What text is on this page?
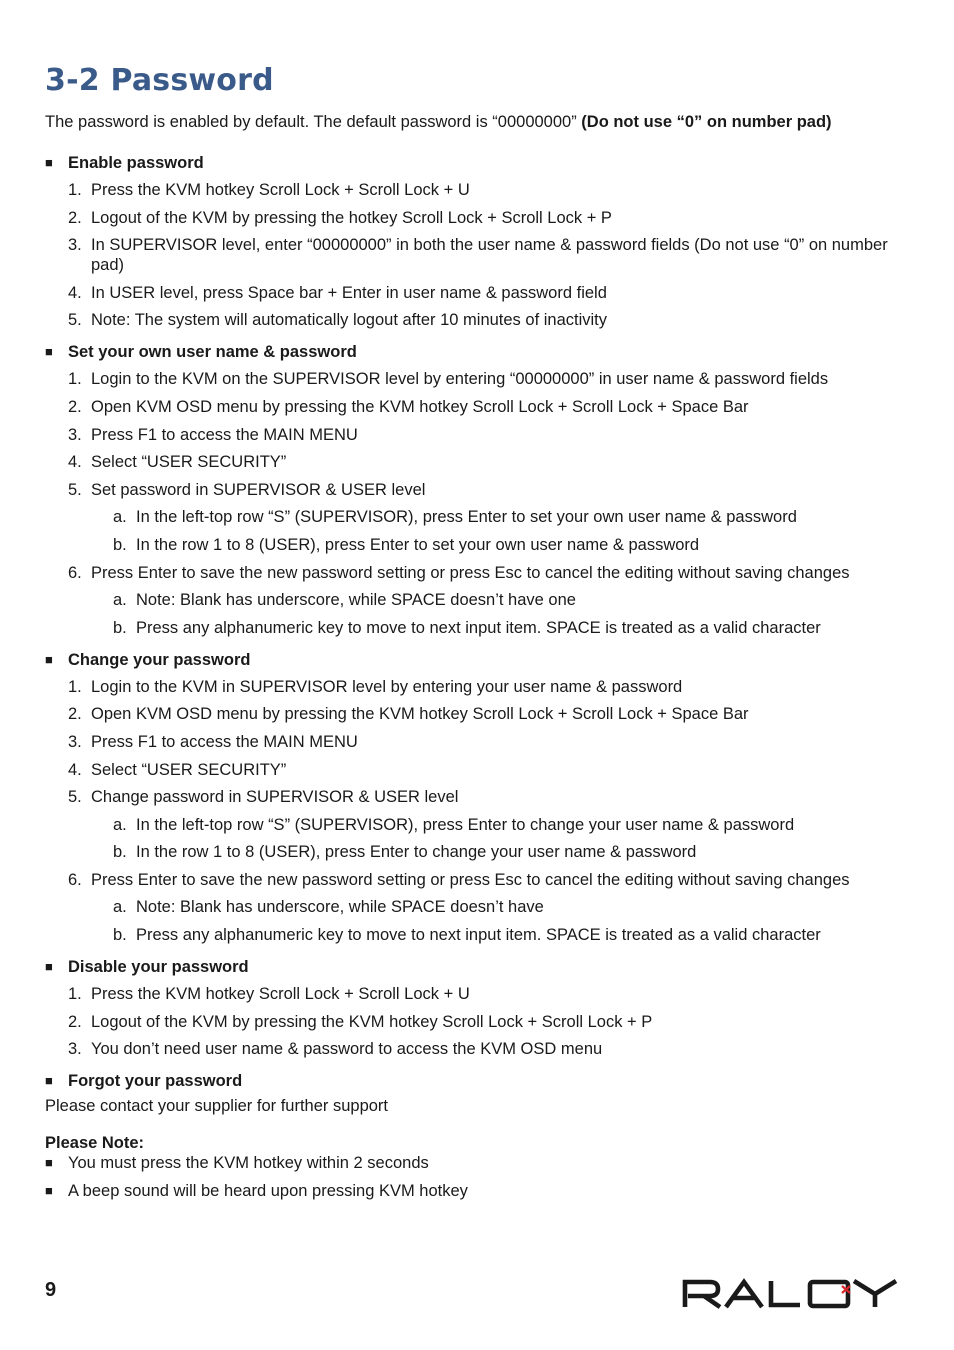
3-2 Password

The password is enabled by default. The default password is “00000000” (Do not use “0” on number pad)

■ Enable password
1. Press the KVM hotkey Scroll Lock + Scroll Lock + U
2. Logout of the KVM by pressing the hotkey Scroll Lock + Scroll Lock + P
3. In SUPERVISOR level, enter “00000000” in both the user name & password fields (Do not use “0” on number pad)
4. In USER level, press Space bar + Enter in user name & password field
5. Note: The system will automatically logout after 10 minutes of inactivity
■ Set your own user name & password
1. Login to the KVM on the SUPERVISOR level by entering “00000000” in user name & password fields
2. Open KVM OSD menu by pressing the KVM hotkey Scroll Lock + Scroll Lock + Space Bar
3. Press F1 to access the MAIN MENU
4. Select “USER SECURITY”
5. Set password in SUPERVISOR & USER level
a. In the left-top row “S” (SUPERVISOR), press Enter to set your own user name & password
b. In the row 1 to 8 (USER), press Enter to set your own user name & password
6. Press Enter to save the new password setting or press Esc to cancel the editing without saving changes
a. Note: Blank has underscore, while SPACE doesn’t have one
b. Press any alphanumeric key to move to next input item. SPACE is treated as a valid character
■ Change your password
1. Login to the KVM in SUPERVISOR level by entering your user name & password
2. Open KVM OSD menu by pressing the KVM hotkey Scroll Lock + Scroll Lock + Space Bar
3. Press F1 to access the MAIN MENU
4. Select “USER SECURITY”
5. Change password in SUPERVISOR & USER level
a. In the left-top row “S” (SUPERVISOR), press Enter to change your user name & password
b. In the row 1 to 8 (USER), press Enter to change your user name & password
6. Press Enter to save the new password setting or press Esc to cancel the editing without saving changes
a. Note: Blank has underscore, while SPACE doesn’t have
b. Press any alphanumeric key to move to next input item. SPACE is treated as a valid character
■ Disable your password
1. Press the KVM hotkey Scroll Lock + Scroll Lock + U
2. Logout of the KVM by pressing the KVM hotkey Scroll Lock + Scroll Lock + P
3. You don’t need user name & password to access the KVM OSD menu
■ Forgot your password

Please contact your supplier for further support

Please Note:

■ You must press the KVM hotkey within 2 seconds
■ A beep sound will be heard upon pressing KVM hotkey
9
